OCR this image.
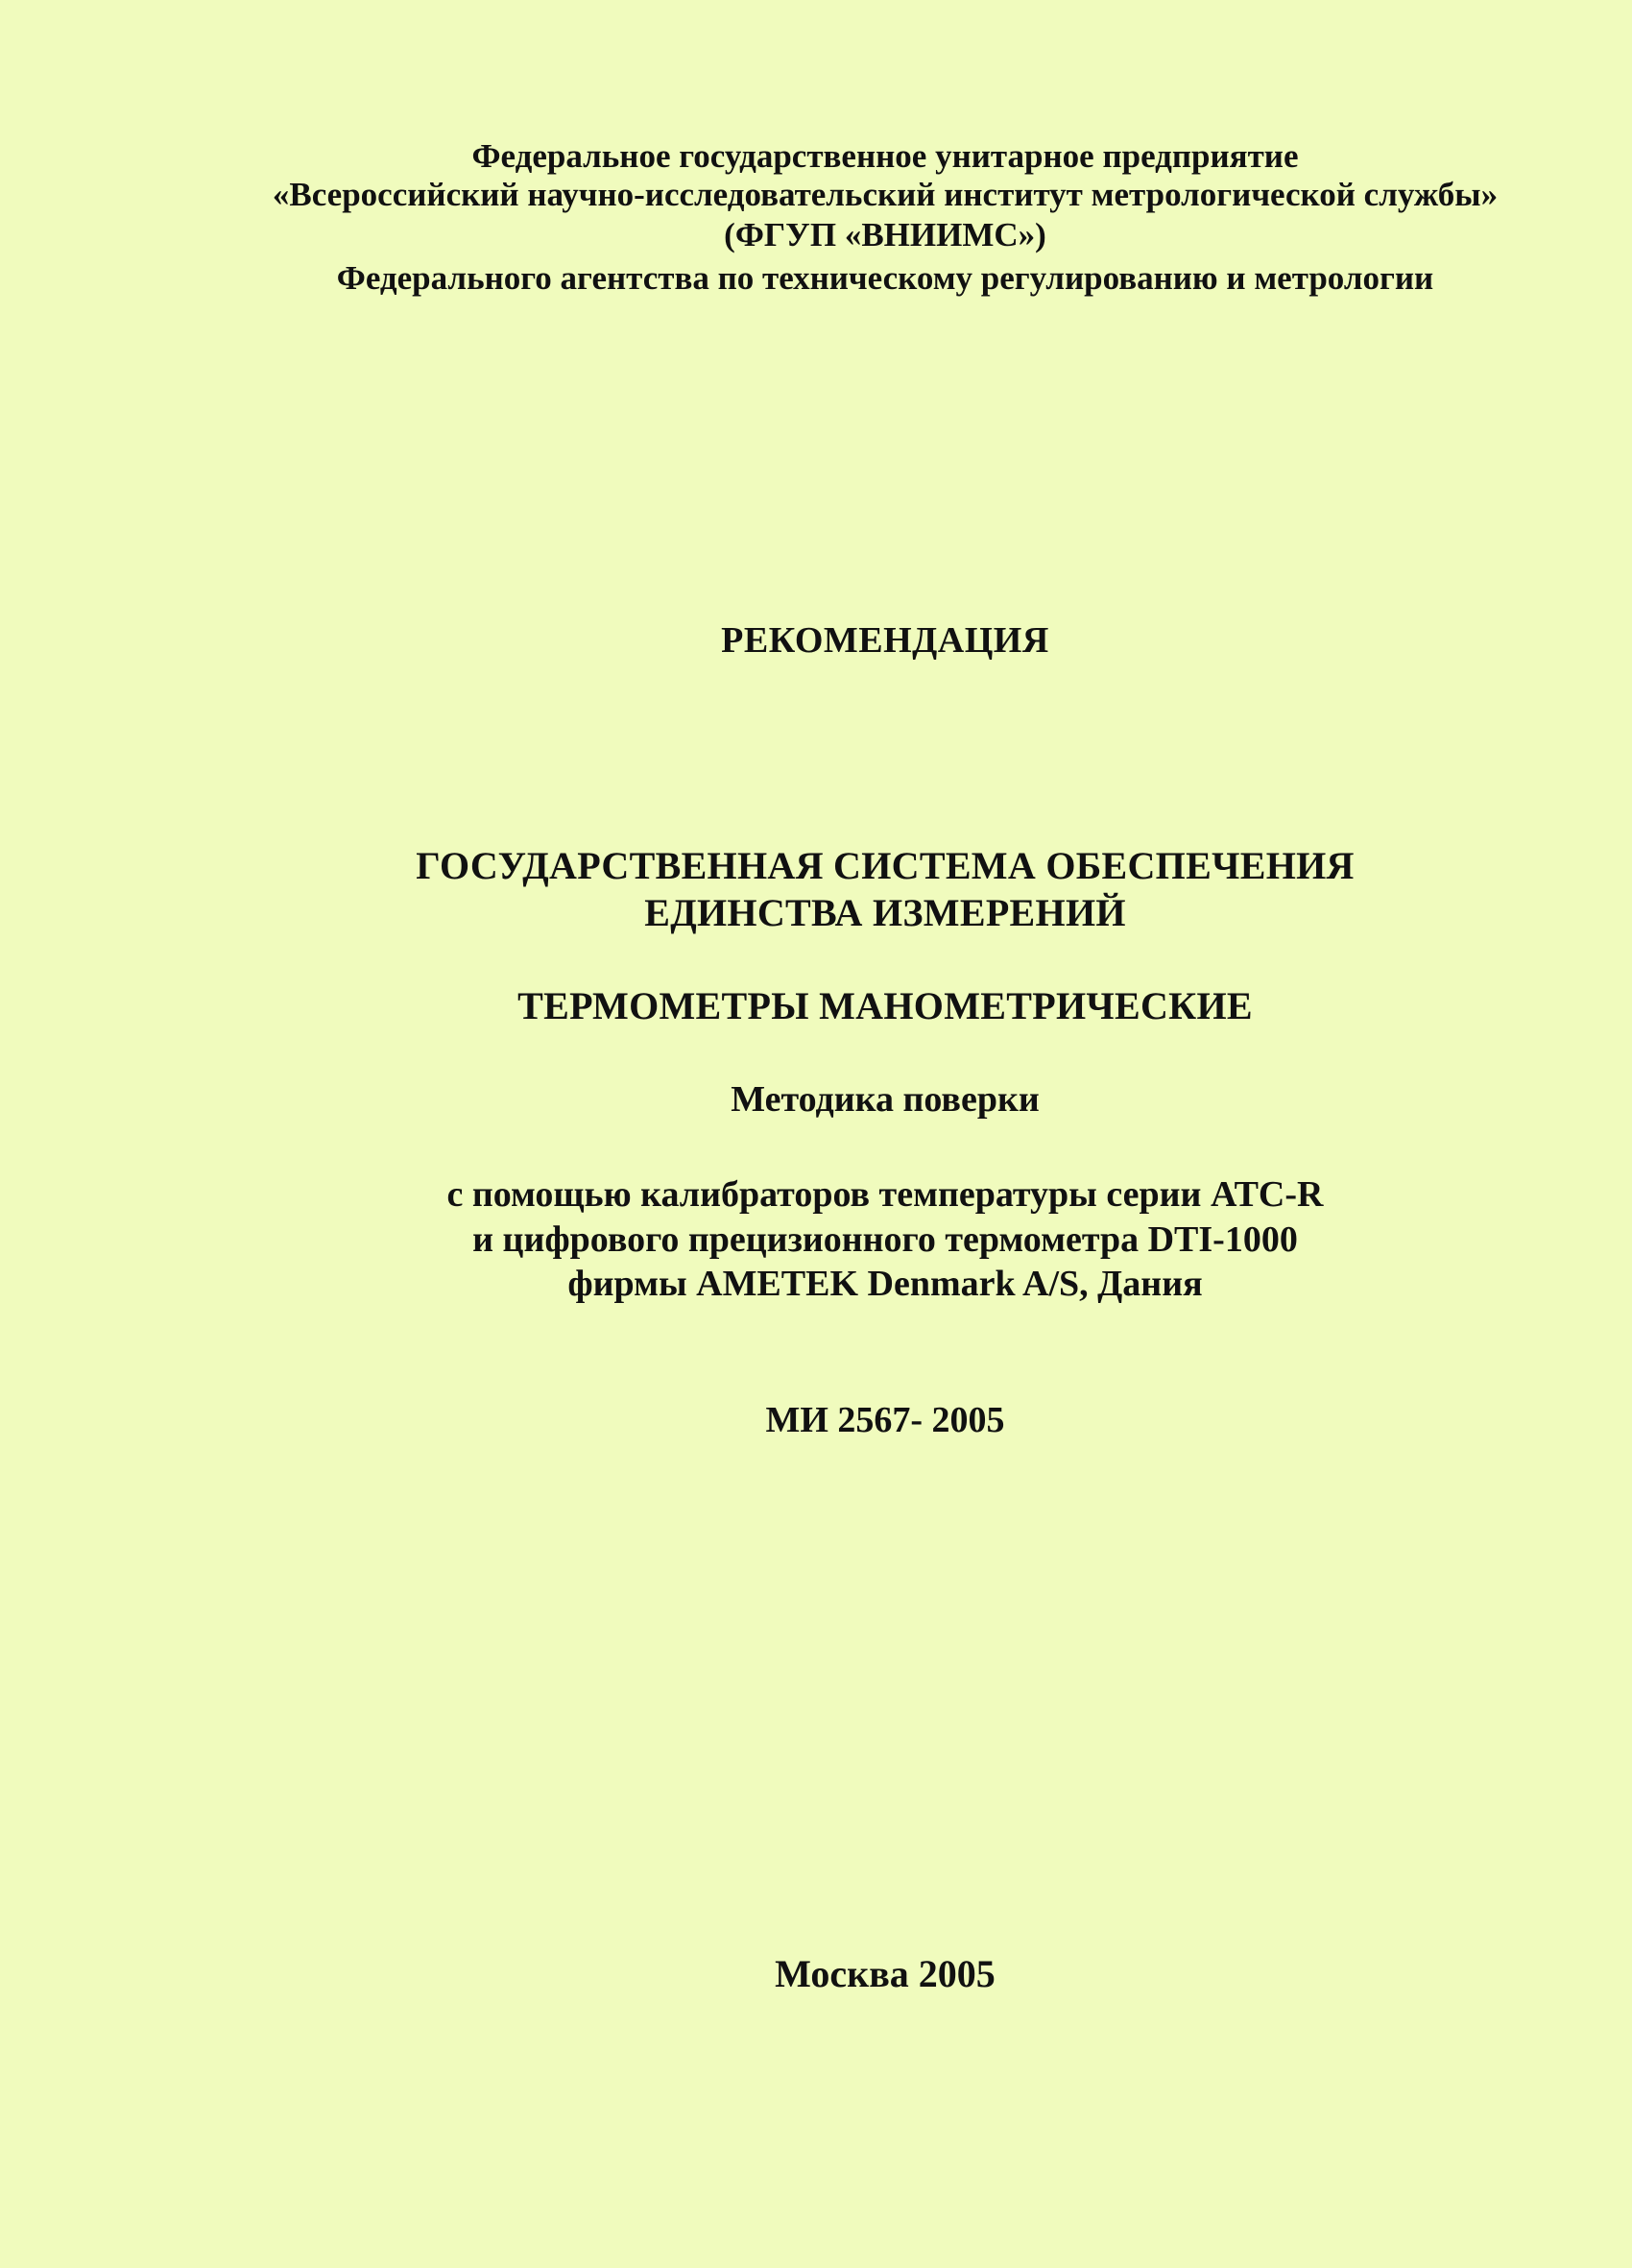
Федеральное государственное унитарное предприятие
«Всероссийский научно-исследовательский институт метрологической службы»
(ФГУП «ВНИИМС»)
Федерального агентства по техническому регулированию и метрологии
РЕКОМЕНДАЦИЯ
ГОСУДАРСТВЕННАЯ СИСТЕМА ОБЕСПЕЧЕНИЯ
ЕДИНСТВА ИЗМЕРЕНИЙ
ТЕРМОМЕТРЫ МАНОМЕТРИЧЕСКИЕ
Методика поверки
с помощью калибраторов температуры серии ATC-R
и цифрового прецизионного термометра DTI-1000
фирмы AMETEK Denmark A/S, Дания
МИ 2567- 2005
Москва 2005
